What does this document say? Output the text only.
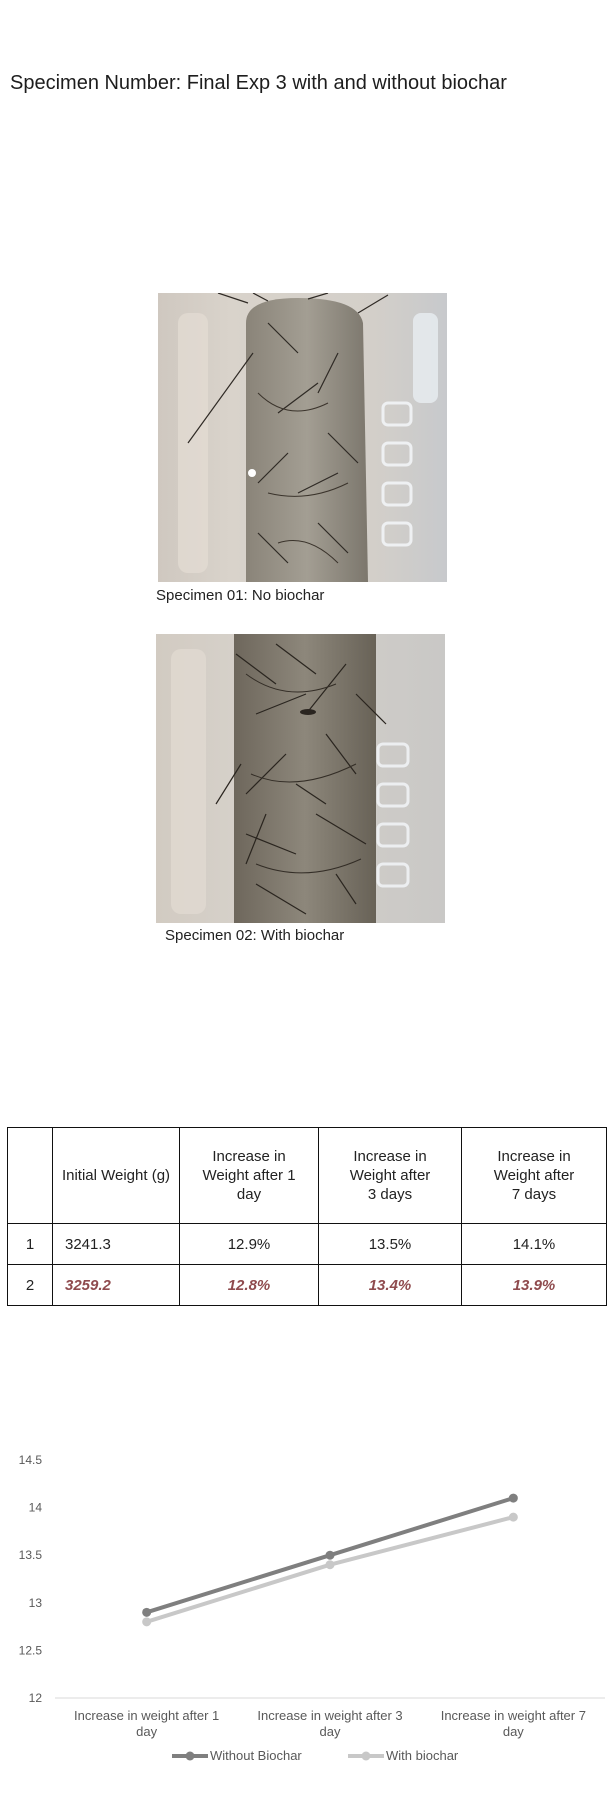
Specimen Number: Final Exp 3 with and without biochar
Specimen 01: No biochar
Specimen 02: With biochar
	Initial Weight (g)	Increase in Weight after 1 day	Increase in Weight after 3 days	Increase in Weight after 7 days
1	3241.3	12.9%	13.5%	14.1%
2	3259.2	12.8%	13.4%	13.9%
12
12.5
13
13.5
14
14.5
Increase in weight after 1 day
Increase in weight after 3 day
Increase in weight after 7 day
Without Biochar	With biochar
